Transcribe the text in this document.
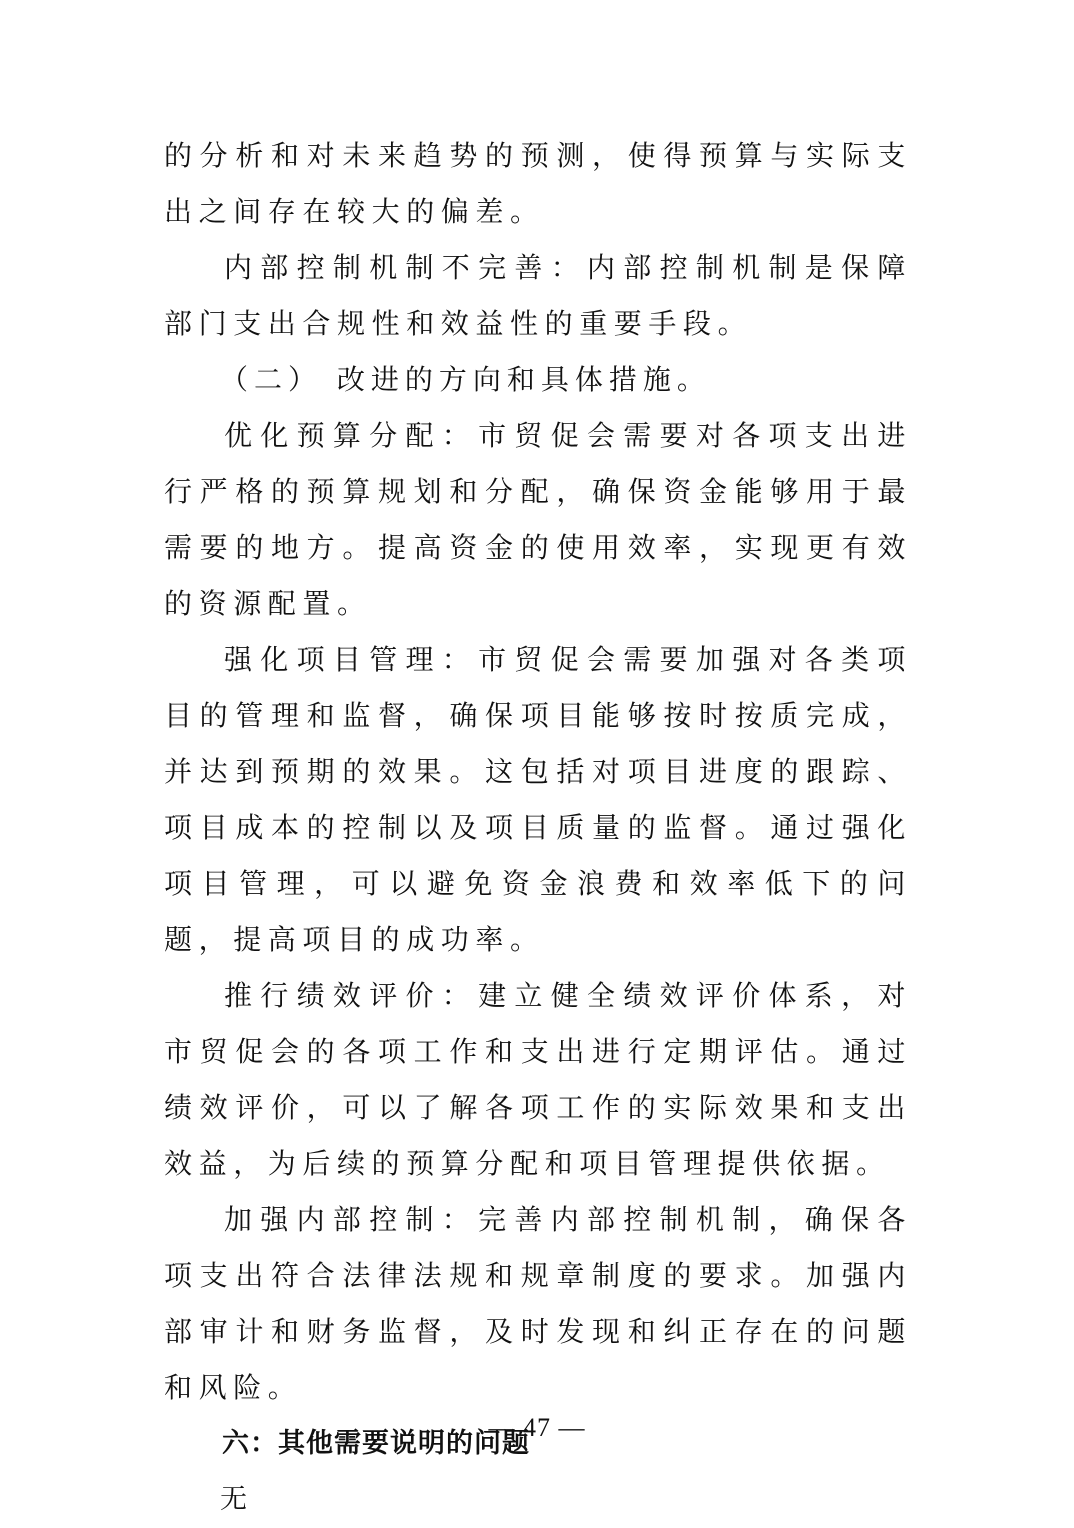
的分析和对未来趋势的预测，使得预算与实际支出之间存在较大的偏差。

内部控制机制不完善：内部控制机制是保障部门支出合规性和效益性的重要手段。

（二） 改进的方向和具体措施。

优化预算分配：市贸促会需要对各项支出进行严格的预算规划和分配，确保资金能够用于最需要的地方。提高资金的使用效率，实现更有效的资源配置。

强化项目管理：市贸促会需要加强对各类项目的管理和监督，确保项目能够按时按质完成，并达到预期的效果。这包括对项目进度的跟踪、项目成本的控制以及项目质量的监督。通过强化项目管理，可以避免资金浪费和效率低下的问题，提高项目的成功率。

推行绩效评价：建立健全绩效评价体系，对市贸促会的各项工作和支出进行定期评估。通过绩效评价，可以了解各项工作的实际效果和支出效益，为后续的预算分配和项目管理提供依据。

加强内部控制：完善内部控制机制，确保各项支出符合法律法规和规章制度的要求。加强内部审计和财务监督，及时发现和纠正存在的问题和风险。

六：其他需要说明的问题

无

— 47 —
